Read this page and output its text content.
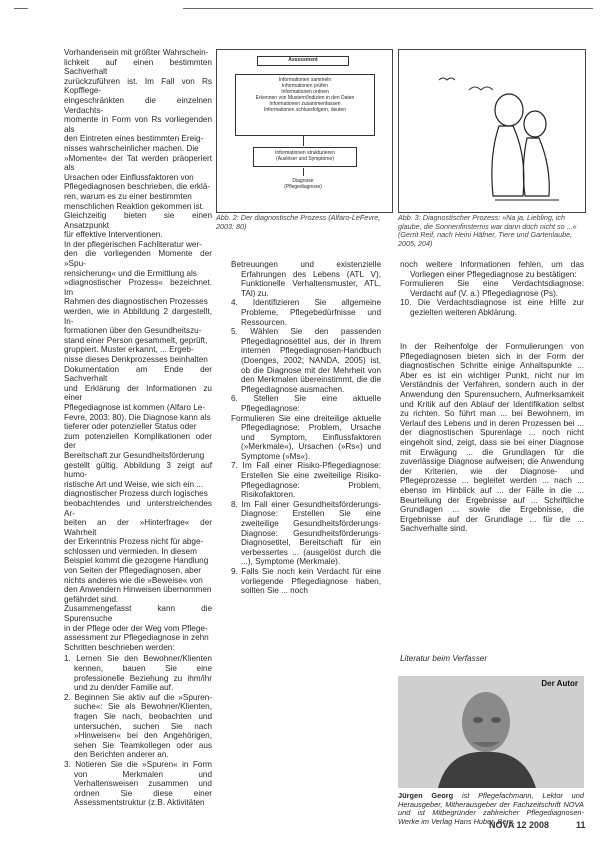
Vorhandensein mit größter Wahrschein-
lichkeit auf einen bestimmten Sachverhalt
zurückzuführen ist. Im Fall von Rs Kopfflege-
eingeschränkten die einzelnen Verdachts-
momente in Form von Rs vorliegenden als
den Eintreten eines bestimmten Ereig-
nisses wahrscheinlicher machen. Die
»Momente« der Tat werden präoperiert als
Ursachen oder Einflussfaktoren von
Pflegediagnosen beschrieben, die erklä-
ren, warum es zu einer bestimmten
menschlichen Reaktion gekommen ist.
Gleichzeitig bieten sie einen Ansatzpunkt
für effektive Interventionen.
In der pflegerischen Fachliteratur wer-
den die vorliegenden Momente der »Spu-
rensicherung« und die Ermittlung als
»diagnostischer Prozess« bezeichnet. Im
Rahmen des diagnostischen Prozesses
werden, wie in Abbildung 2 dargestellt, In-
formationen über den Gesundheitszu-
stand einer Person gesammelt, geprüft,
gruppiert. Muster erkannt, ... Ergeb-
nisse dieses Denkprozesses beinhalten
Dokumentation am Ende der Sachverhalt
und Erklärung der Informationen zu einer
Pflegediagnose ist kommen (Alfaro Le-
Fevre, 2003: 80). Die Diagnose kann als
tieferer oder potenzieller Status oder
zum potenziellen Komplikationen oder der
Bereitschaft zur Gesundheitsförderung
gestellt gültig. Abbildung 3 zeigt auf humo-
ristische Art und Weise, wie sich ein ...
diagnostischer Prozess durch logisches
beobachtendes und unterstreichendes Ar-
beiten an der »Hinterfrage« der Wahrheit
der Erkenntnis Prozess nicht für abge-
schlossen und vermieden. In diesem
Beispiel kommt die gezogene Handlung
von Seiten der Pflegediagnosen, aber
nichts anderes wie die »Beweise« von
den Anwendern Hinweisen übernommen
gefährdet sind.
Zusammengefasst kann die Spurensuche
in der Pflege oder der Weg vom Pflege-
assessment zur Pflegediagnose in zehn
Schritten beschrieben werden:
1. Lernen Sie den Bewohner/Klienten kennen, bauen Sie eine professionelle Beziehung zu ihm/ihr und zu den/der Familie auf.
2. Beginnen Sie aktiv auf die »Spuren-suche«: Sie als Bewohner/Klienten, fragen Sie nach, beobachten und untersuchen, suchen Sie nach »Hinweisen« bei den Angehörigen, sehen Sie Teamkollegen oder aus den Berichten anderer an.
3. Notieren Sie die »Spuren« in Form von Merkmalen und Verhaltensweisen zusammen und ordnen Sie diese einer Assessmentstruktur (z.B. Aktivitäten
Assessment
Informationen sammeln
Informationen prüfen
Informationen ordnen
Erkennen von Mustern/Indizien in den Daten
Informationen zusammenfassen
Informationen schlussfolgern, deuten
Informationen strukturieren
(Auslöser und Symptome)
Diagnose
(Pflegediagnose)
Abb. 2: Der diagnostische Prozess (Alfaro-LeFevre, 2003: 80)
Abb. 3: Diagnostischer Prozess: »Na ja, Liebling, ich glaube, die Sonnenfinsternis war dann doch nicht so ...« (Gerrit Reif, nach Heini Häfner, Tiere und Gartenlaube, 2005, 204)
Betreuungen und existenzielle Erfahrungen des Lebens (ATL V), Funktionelle Verhaltensmuster, ATL, TAl) zu.
4. Identifizieren Sie allgemeine Probleme, Pflegebedürfnisse und Ressourcen.
5. Wählen Sie den passenden Pflegediagnosetitel aus, der in Ihrem internen Pflegediagnosen-Handbuch (Doenges, 2002; NANDA, 2005) ist, ob die Diagnose mit der Mehrheit von den Merkmalen übereinstimmt, die die Pflegediagnose ausmachen.
6. Stellen Sie eine aktuelle Pflegediagnose:
Formulieren Sie eine dreiteilige aktuelle Pflegediagnose: Problem, Ursache und Symptom, Einflussfaktoren (»Merkmale«), Ursachen (»Rs«) und Symptome (»Ms«).
7. Im Fall einer Risiko-Pflegediagnose: Erstellen Sie eine zweiteilige Risiko-Pflegediagnose: Problem, Risikofaktoren.
8. Im Fall einer Gesundheitsförderungs-Diagnose: Erstellen Sie eine zweiteilige Gesundheitsförderungs-Diagnose: Gesundheitsförderungs-Diagnosetitel, Bereitschaft für ein verbessertes ... (ausgelöst durch die ...), Symptome (Merkmale).
9. Falls Sie noch kein Verdacht für eine vorliegende Pflegediagnose haben, sollten Sie ... noch
noch weitere Informationen fehlen, um das Vorliegen einer Pflegediagnose zu bestätigen:
Formulieren Sie eine Verdachtsdiagnose: Verdacht auf (V. a.) Pflegediagnose (Ps).
10. Die Verdachtsdiagnose ist eine Hilfe zur gezielten weiteren Abklärung.
In der Reihenfolge der Formulierungen von Pflegediagnosen bieten sich in der Form der diagnostischen Schritte einige Anhaltspunkte ... Aber es ist ein wichtiger Punkt, nicht nur im Verständnis der Verfahren, sondern auch in der Anwendung den Spurensuchern, Aufmerksamkeit und Kritik auf den Ablauf der Identifikation selbst zu richten. So führt man ... bei Bewohnern, im Verlauf des Lebens und in deren Prozessen bei ... der diagnostischen Spurenlage ... noch nicht eingeholt sind, zeigt, dass sie bei einer Diagnose mit Erwägung ... die Grundlagen für die zuverlässige Diagnose aufweisen; die Anwendung der Kriterien, wie der Diagnose- und Pflegeprozesse ... begleitet werden ... nach ... ebenso im Hinblick auf ... der Fälle in die ... Beurteilung der Ergebnisse auf ... Schriftliche Grundlagen ... sowie die Ergebnisse, die Ergebnisse auf der Grundlage ... für die ... Sachverhalte sind.
Literatur beim Verfasser
Der Autor
Jürgen Georg ist Pflegefachmann, Lektor und Herausgeber, Mitherausgeber der Fachzeitschrift NOVA und ist Mitbegründer zahlreicher Pflegediagnosen-Werke im Verlag Hans Huber, Bern.
NOVA 12 2008	11
